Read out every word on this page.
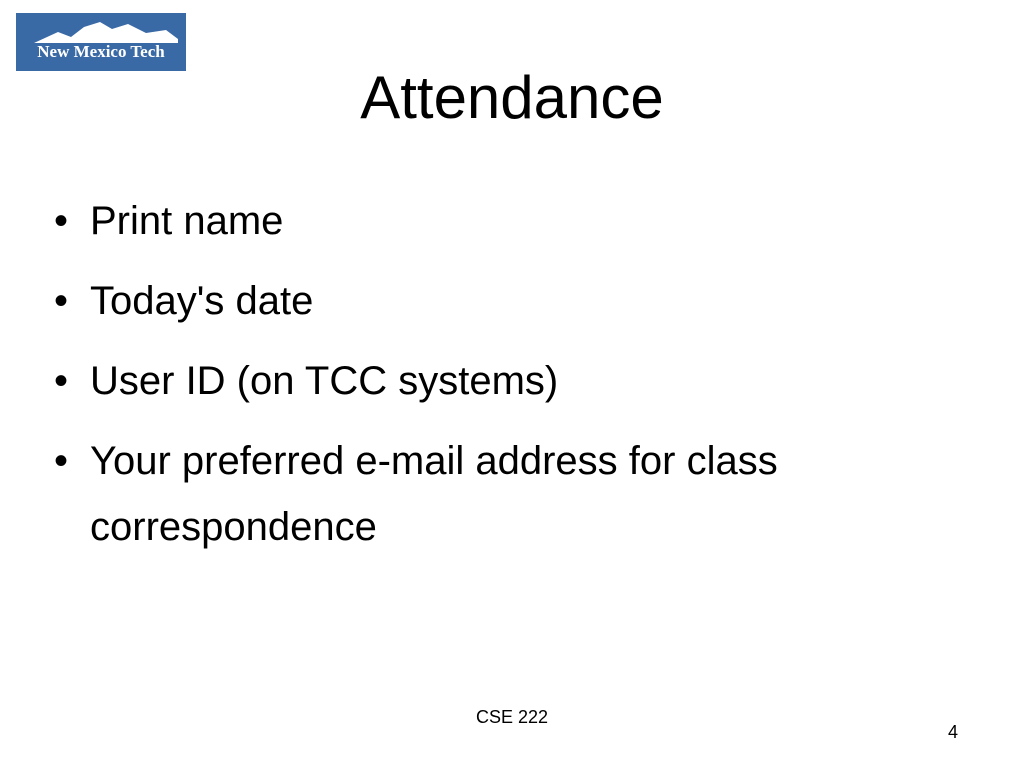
New Mexico Tech
Attendance
• Print name
• Today's date
• User ID (on TCC systems)
• Your preferred e-mail address for class correspondence
CSE 222
4
